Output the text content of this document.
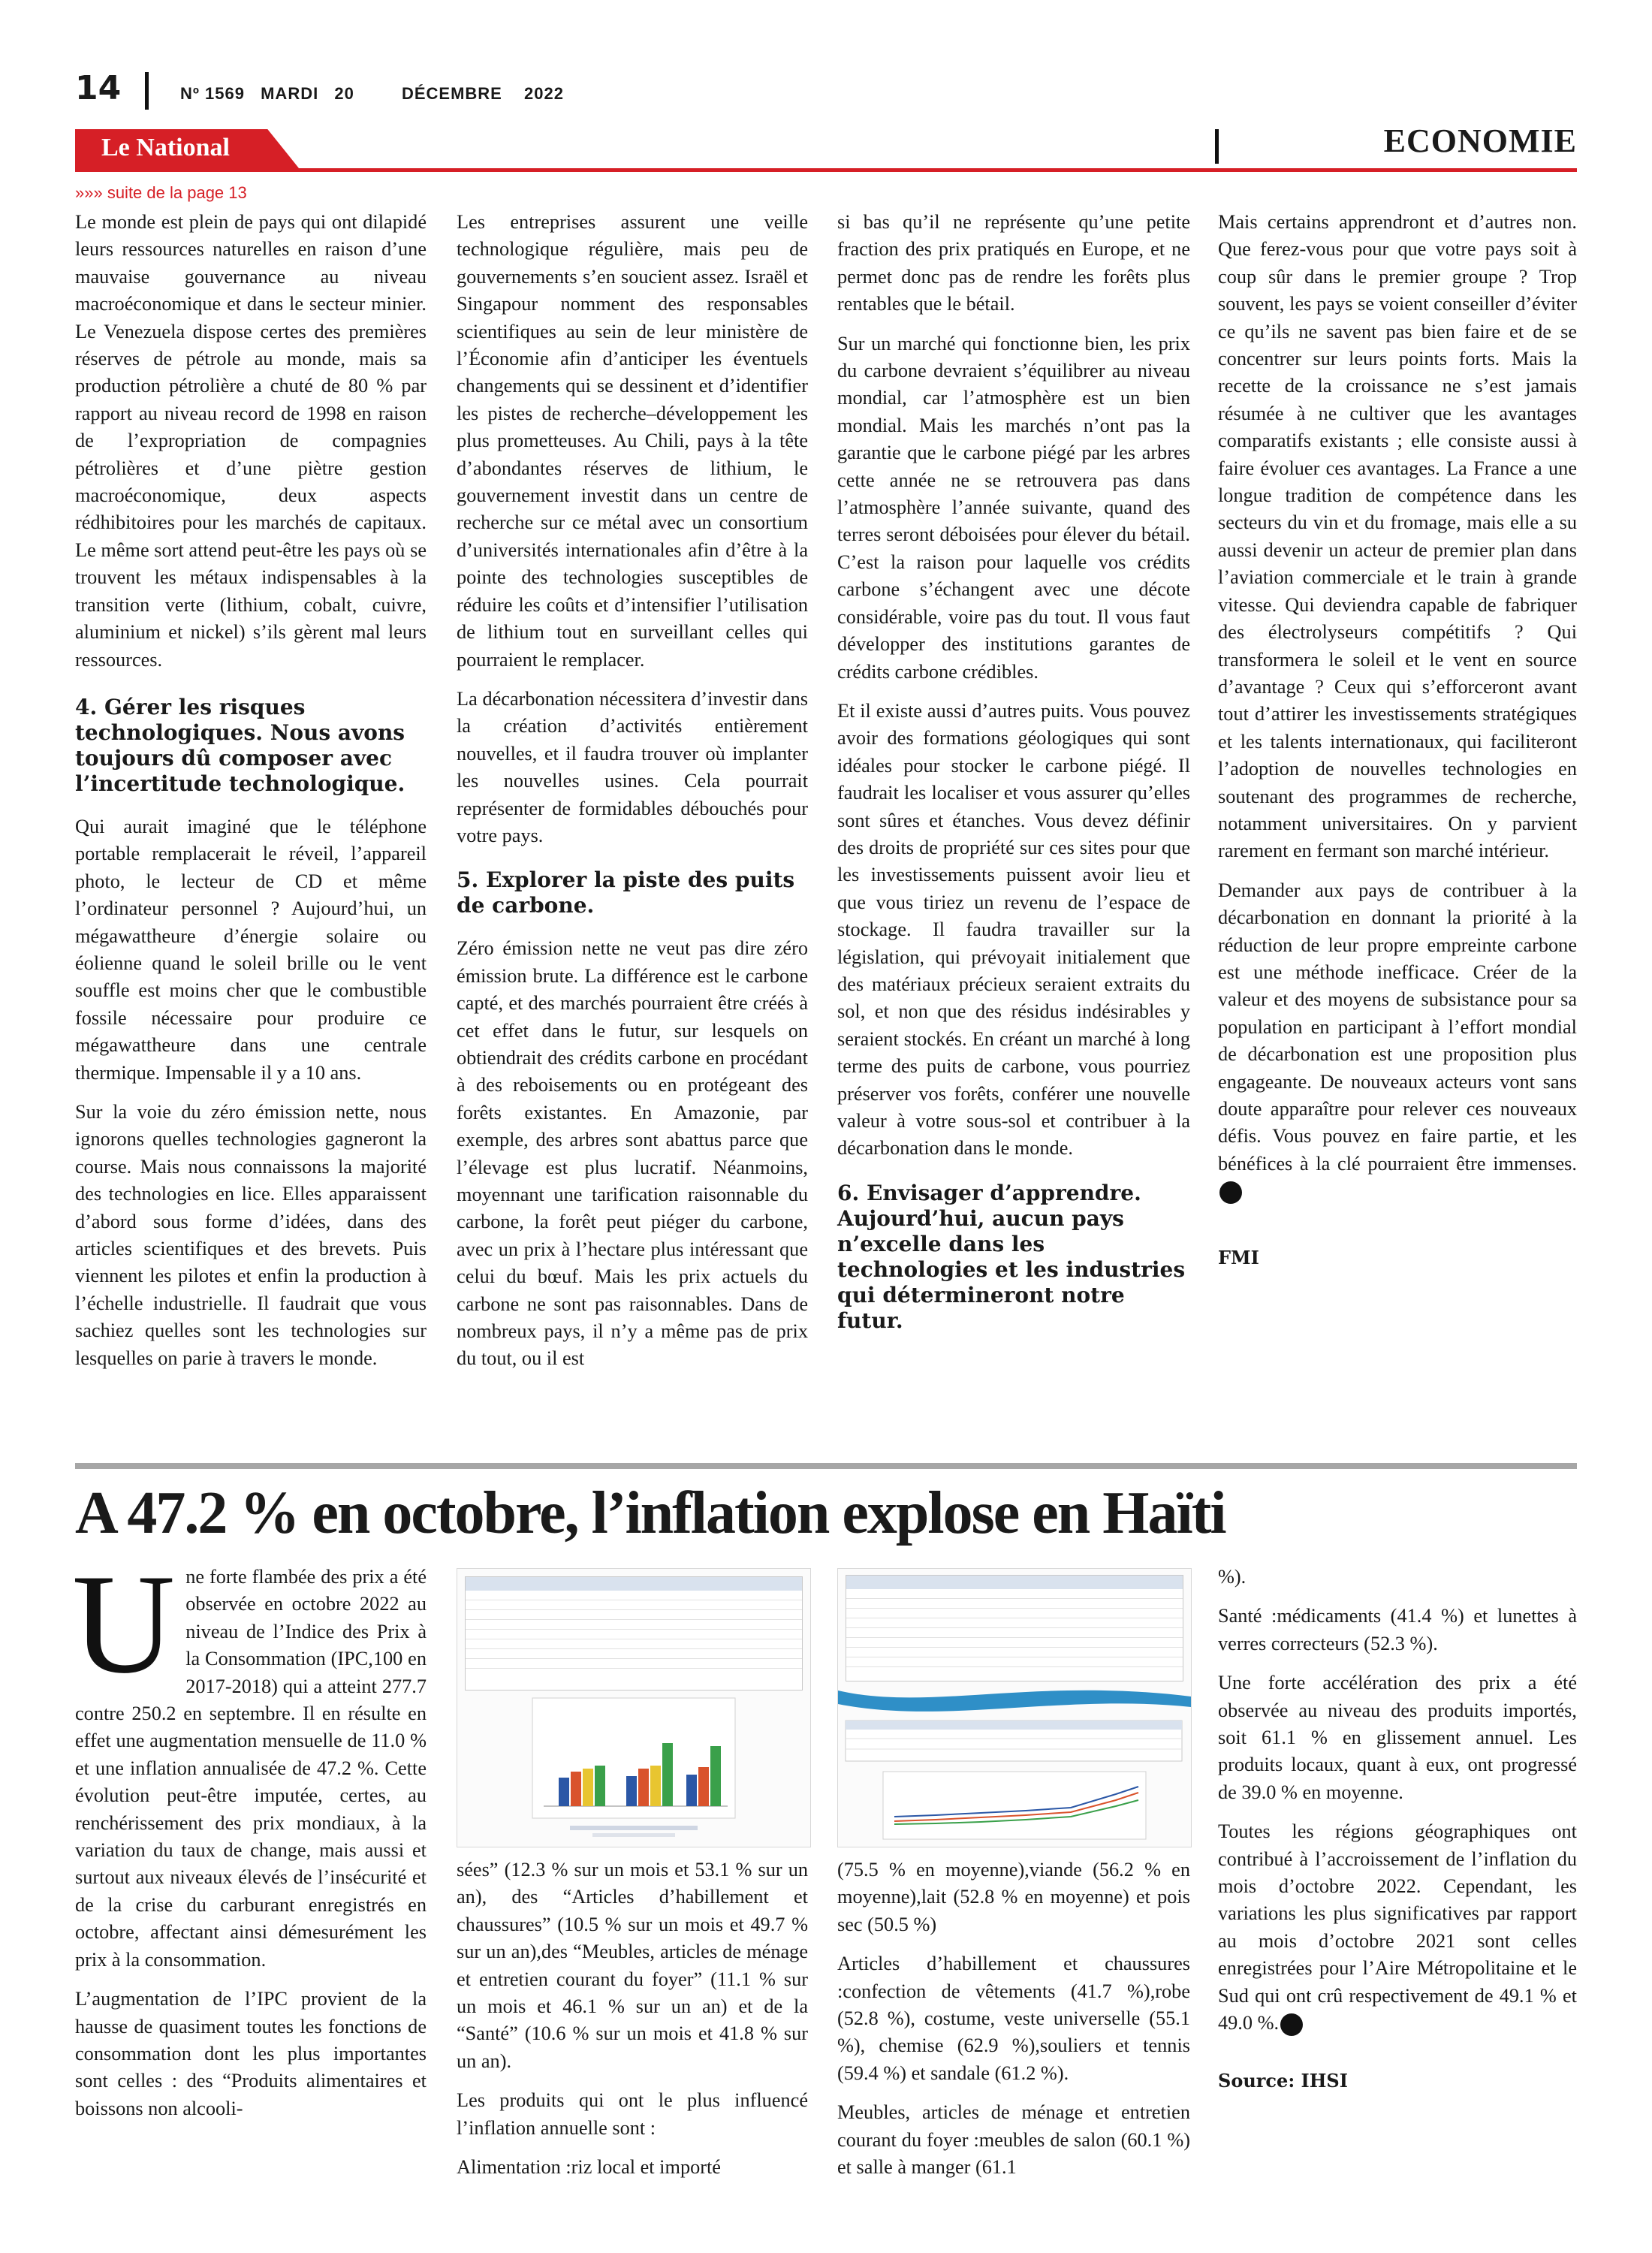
14	Nº 1569 MARDI 20	DÉCEMBRE 2022
Le National	ECONOMIE
»»» suite de la page 13

Le monde est plein de pays qui ont dilapidé leurs ressources naturelles en raison d’une mauvaise gouvernance au niveau macroéconomique et dans le secteur minier. Le Venezuela dispose certes des premières réserves de pétrole au monde, mais sa production pétrolière a chuté de 80 % par rapport au niveau record de 1998 en raison de l’expropriation de compagnies pétrolières et d’une piètre gestion macroéconomique, deux aspects rédhibitoires pour les marchés de capitaux. Le même sort attend peut-être les pays où se trouvent les métaux indispensables à la transition verte (lithium, cobalt, cuivre, aluminium et nickel) s’ils gèrent mal leurs ressources.

4. Gérer les risques technologiques. Nous avons toujours dû composer avec l’incertitude technologique.

Qui aurait imaginé que le téléphone portable remplacerait le réveil, l’appareil photo, le lecteur de CD et même l’ordinateur personnel ? Aujourd’hui, un mégawattheure d’énergie solaire ou éolienne quand le soleil brille ou le vent souffle est moins cher que le combustible fossile nécessaire pour produire ce mégawattheure dans une centrale thermique. Impensable il y a 10 ans.

Sur la voie du zéro émission nette, nous ignorons quelles technologies gagneront la course. Mais nous connaissons la majorité des technologies en lice. Elles apparaissent d’abord sous forme d’idées, dans des articles scientifiques et des brevets. Puis viennent les pilotes et enfin la production à l’échelle industrielle. Il faudrait que vous sachiez quelles sont les technologies sur lesquelles on parie à travers le monde.

Les entreprises assurent une veille technologique régulière, mais peu de gouvernements s’en soucient assez. Israël et Singapour nomment des responsables scientifiques au sein de leur ministère de l’Économie afin d’anticiper les éventuels changements qui se dessinent et d’identifier les pistes de recherche–développement les plus prometteuses. Au Chili, pays à la tête d’abondantes réserves de lithium, le gouvernement investit dans un centre de recherche sur ce métal avec un consortium d’universités internationales afin d’être à la pointe des technologies susceptibles de réduire les coûts et d’intensifier l’utilisation de lithium tout en surveillant celles qui pourraient le remplacer.

La décarbonation nécessitera d’investir dans la création d’activités entièrement nouvelles, et il faudra trouver où implanter les nouvelles usines. Cela pourrait représenter de formidables débouchés pour votre pays.

5. Explorer la piste des puits de carbone.

Zéro émission nette ne veut pas dire zéro émission brute. La différence est le carbone capté, et des marchés pourraient être créés à cet effet dans le futur, sur lesquels on obtiendrait des crédits carbone en procédant à des reboisements ou en protégeant des forêts existantes. En Amazonie, par exemple, des arbres sont abattus parce que l’élevage est plus lucratif. Néanmoins, moyennant une tarification raisonnable du carbone, la forêt peut piéger du carbone, avec un prix à l’hectare plus intéressant que celui du bœuf. Mais les prix actuels du carbone ne sont pas raisonnables. Dans de nombreux pays, il n’y a même pas de prix du tout, ou il est

si bas qu’il ne représente qu’une petite fraction des prix pratiqués en Europe, et ne permet donc pas de rendre les forêts plus rentables que le bétail.

Sur un marché qui fonctionne bien, les prix du carbone devraient s’équilibrer au niveau mondial, car l’atmosphère est un bien mondial. Mais les marchés n’ont pas la garantie que le carbone piégé par les arbres cette année ne se retrouvera pas dans l’atmosphère l’année suivante, quand des terres seront déboisées pour élever du bétail. C’est la raison pour laquelle vos crédits carbone s’échangent avec une décote considérable, voire pas du tout. Il vous faut développer des institutions garantes de crédits carbone crédibles.

Et il existe aussi d’autres puits. Vous pouvez avoir des formations géologiques qui sont idéales pour stocker le carbone piégé. Il faudrait les localiser et vous assurer qu’elles sont sûres et étanches. Vous devez définir des droits de propriété sur ces sites pour que les investissements puissent avoir lieu et que vous tiriez un revenu de l’espace de stockage. Il faudra travailler sur la législation, qui prévoyait initialement que des matériaux précieux seraient extraits du sol, et non que des résidus indésirables y seraient stockés. En créant un marché à long terme des puits de carbone, vous pourriez préserver vos forêts, conférer une nouvelle valeur à votre sous-sol et contribuer à la décarbonation dans le monde.

6. Envisager d’apprendre. Aujourd’hui, aucun pays n’excelle dans les technologies et les industries qui détermineront notre futur.

Mais certains apprendront et d’autres non. Que ferez-vous pour que votre pays soit à coup sûr dans le premier groupe ? Trop souvent, les pays se voient conseiller d’éviter ce qu’ils ne savent pas bien faire et de se concentrer sur leurs points forts. Mais la recette de la croissance ne s’est jamais résumée à ne cultiver que les avantages comparatifs existants ; elle consiste aussi à faire évoluer ces avantages. La France a une longue tradition de compétence dans les secteurs du vin et du fromage, mais elle a su aussi devenir un acteur de premier plan dans l’aviation commerciale et le train à grande vitesse. Qui deviendra capable de fabriquer des électrolyseurs compétitifs ? Qui transformera le soleil et le vent en source d’avantage ? Ceux qui s’efforceront avant tout d’attirer les investissements stratégiques et les talents internationaux, qui faciliteront l’adoption de nouvelles technologies en soutenant des programmes de recherche, notamment universitaires. On y parvient rarement en fermant son marché intérieur.

Demander aux pays de contribuer à la décarbonation en donnant la priorité à la réduction de leur propre empreinte carbone est une méthode inefficace. Créer de la valeur et des moyens de subsistance pour sa population en participant à l’effort mondial de décarbonation est une proposition plus engageante. De nouveaux acteurs vont sans doute apparaître pour relever ces nouveaux défis. Vous pouvez en faire partie, et les bénéfices à la clé pourraient être immenses.

FMI

A 47.2 % en octobre, l’inflation explose en Haïti

Une forte flambée des prix a été observée en octobre 2022 au niveau de l’Indice des Prix à la Consommation (IPC,100 en 2017-2018) qui a atteint 277.7 contre 250.2 en septembre. Il en résulte en effet une augmentation mensuelle de 11.0 % et une inflation annualisée de 47.2 %. Cette évolution peut-être imputée, certes, au renchérissement des prix mondiaux, à la variation du taux de change, mais aussi et surtout aux niveaux élevés de l’insécurité et de la crise du carburant enregistrés en octobre, affectant ainsi démesurément les prix à la consommation.

L’augmentation de l’IPC provient de la hausse de quasiment toutes les fonctions de consommation dont les plus importantes sont celles : des “Produits alimentaires et boissons non alcooli-

sées” (12.3 % sur un mois et 53.1 % sur un an), des “Articles d’habillement et chaussures” (10.5 % sur un mois et 49.7 % sur un an),des “Meubles, articles de ménage et entretien courant du foyer” (11.1 % sur un mois et 46.1 % sur un an) et de la “Santé” (10.6 % sur un mois et 41.8 % sur un an).

Les produits qui ont le plus influencé l’inflation annuelle sont :

Alimentation :riz local et importé

(75.5 % en moyenne),viande (56.2 % en moyenne),lait (52.8 % en moyenne) et pois sec (50.5 %)

Articles d’habillement et chaussures :confection de vêtements (41.7 %),robe (52.8 %), costume, veste universelle (55.1 %), chemise (62.9 %),souliers et tennis (59.4 %) et sandale (61.2 %).

Meubles, articles de ménage et entretien courant du foyer :meubles de salon (60.1 %) et salle à manger (61.1

%).

Santé :médicaments (41.4 %) et lunettes à verres correcteurs (52.3 %).

Une forte accélération des prix a été observée au niveau des produits importés, soit 61.1 % en glissement annuel. Les produits locaux, quant à eux, ont progressé de 39.0 % en moyenne.

Toutes les régions géographiques ont contribué à l’accroissement de l’inflation du mois d’octobre 2022. Cependant, les variations les plus significatives par rapport au mois d’octobre 2021 sont celles enregistrées pour l’Aire Métropolitaine et le Sud qui ont crû respectivement de 49.1 % et 49.0 %.

Source: IHSI
